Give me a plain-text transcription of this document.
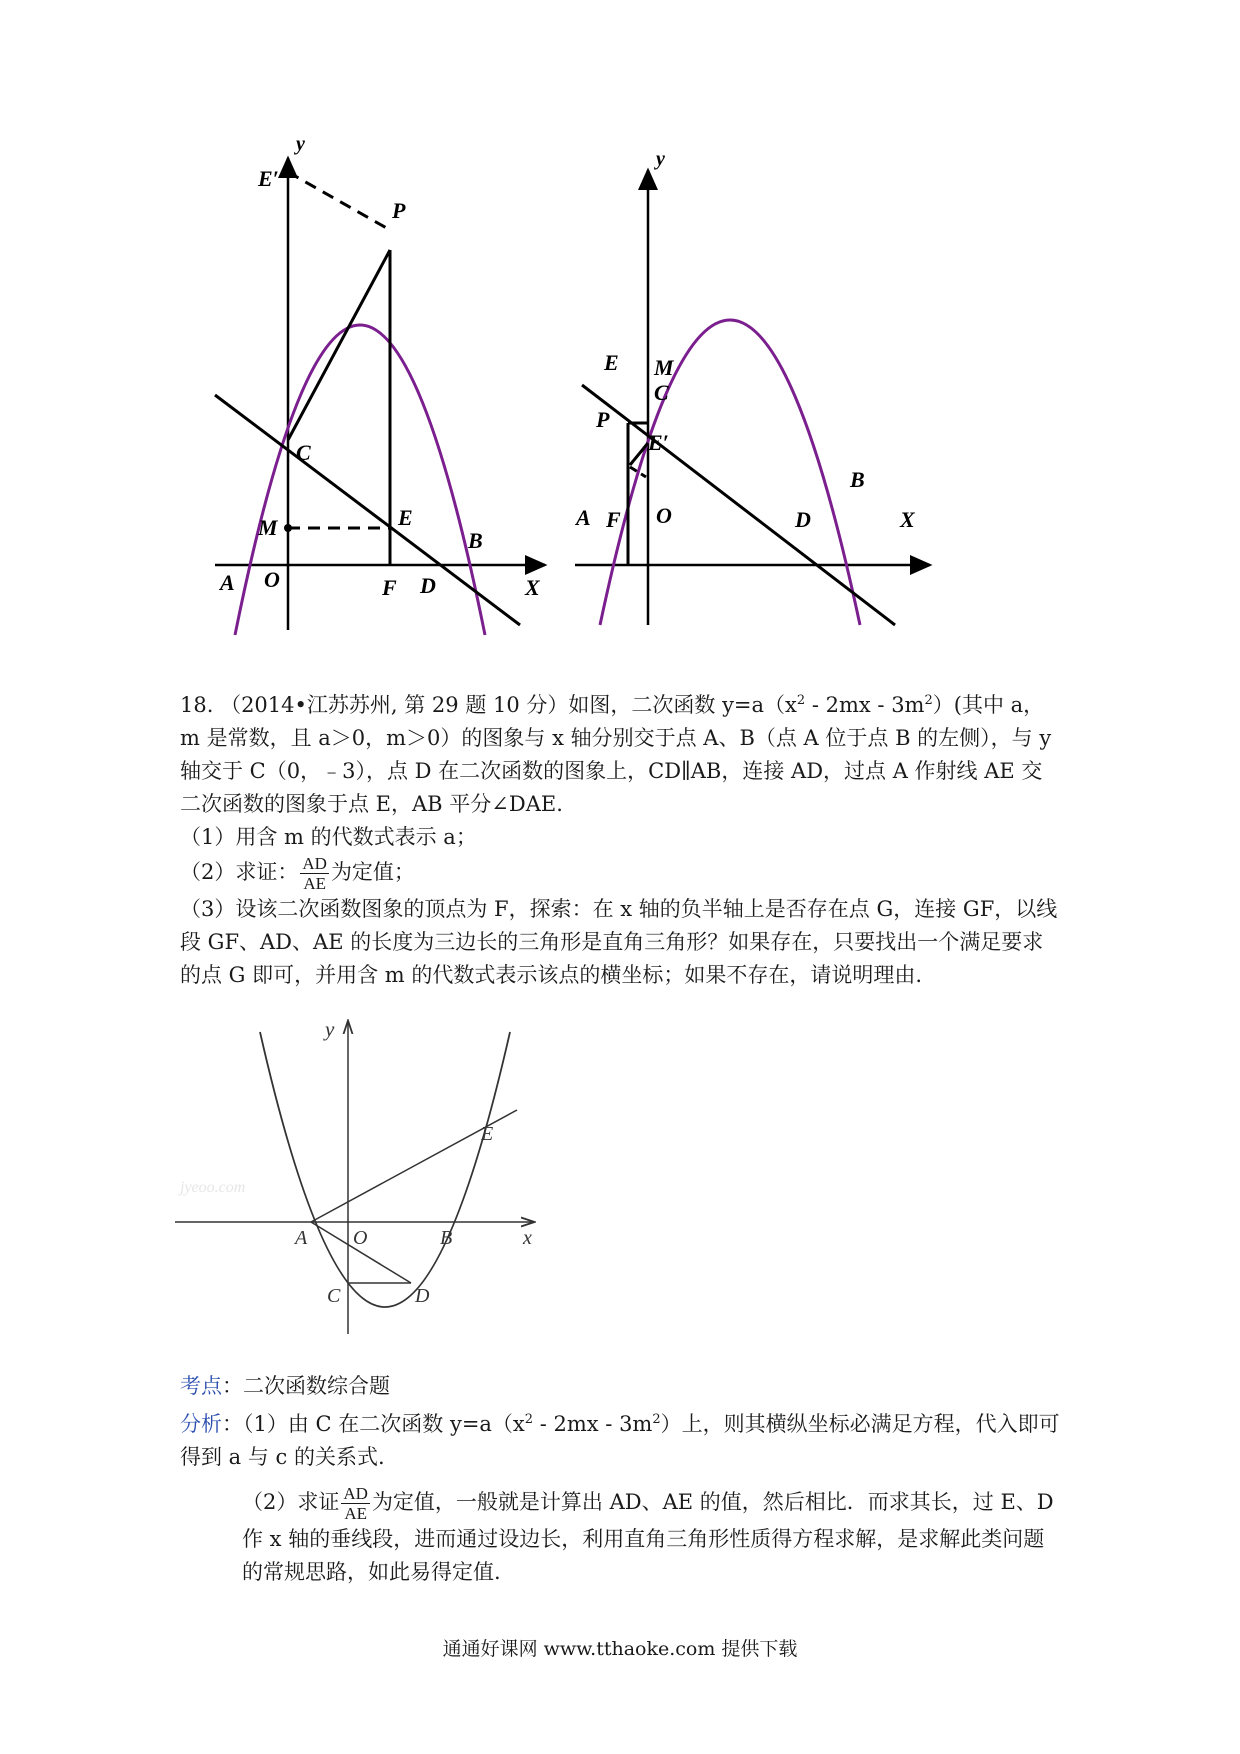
y
E′
P
C
M	E
B
A O	F D	X
y
E M
C
P
E′
A F O	D
B
X

18. （2014•江苏苏州, 第 29 题 10 分）如图，二次函数 $y=a(x^2 - 2mx - 3m^2)$(其中 a，m 是常数，且 a＞0，m＞0）的图象与 x 轴分别交于点 A、B（点 A 位于点 B 的左侧），与 y 轴交于 C（0，﹣3），点 D 在二次函数的图象上，CD∥AB，连接 AD，过点 A 作射线 AE 交二次函数的图象于点 E，AB 平分∠DAE.

（1）用含 m 的代数式表示 a；

（2）求证： $\frac{AD}{AE}$ 为定值；

（3）设该二次函数图象的顶点为 F，探索：在 x 轴的负半轴上是否存在点 G，连接 GF，以线段 GF、AD、AE 的长度为三边长的三角形是直角三角形？如果存在，只要找出一个满足要求的点 G 即可，并用含 m 的代数式表示该点的横坐标；如果不存在，请说明理由.

jyeoo.com
y
x
A O	B
C	D
E

考点：二次函数综合题

分析：（1）由 C 在二次函数 $y=a(x^2 - 2mx - 3m^2)$上，则其横纵坐标必满足方程，代入即可得到 a 与 c 的关系式.

（2）求证 $\frac{AD}{AE}$ 为定值，一般就是计算出 AD、AE 的值，然后相比．而求其长，过 E、D 作 x 轴的垂线段，进而通过设边长，利用直角三角形性质得方程求解，是求解此类问题的常规思路，如此易得定值.

通通好课网 www.tthaoke.com 提供下载
